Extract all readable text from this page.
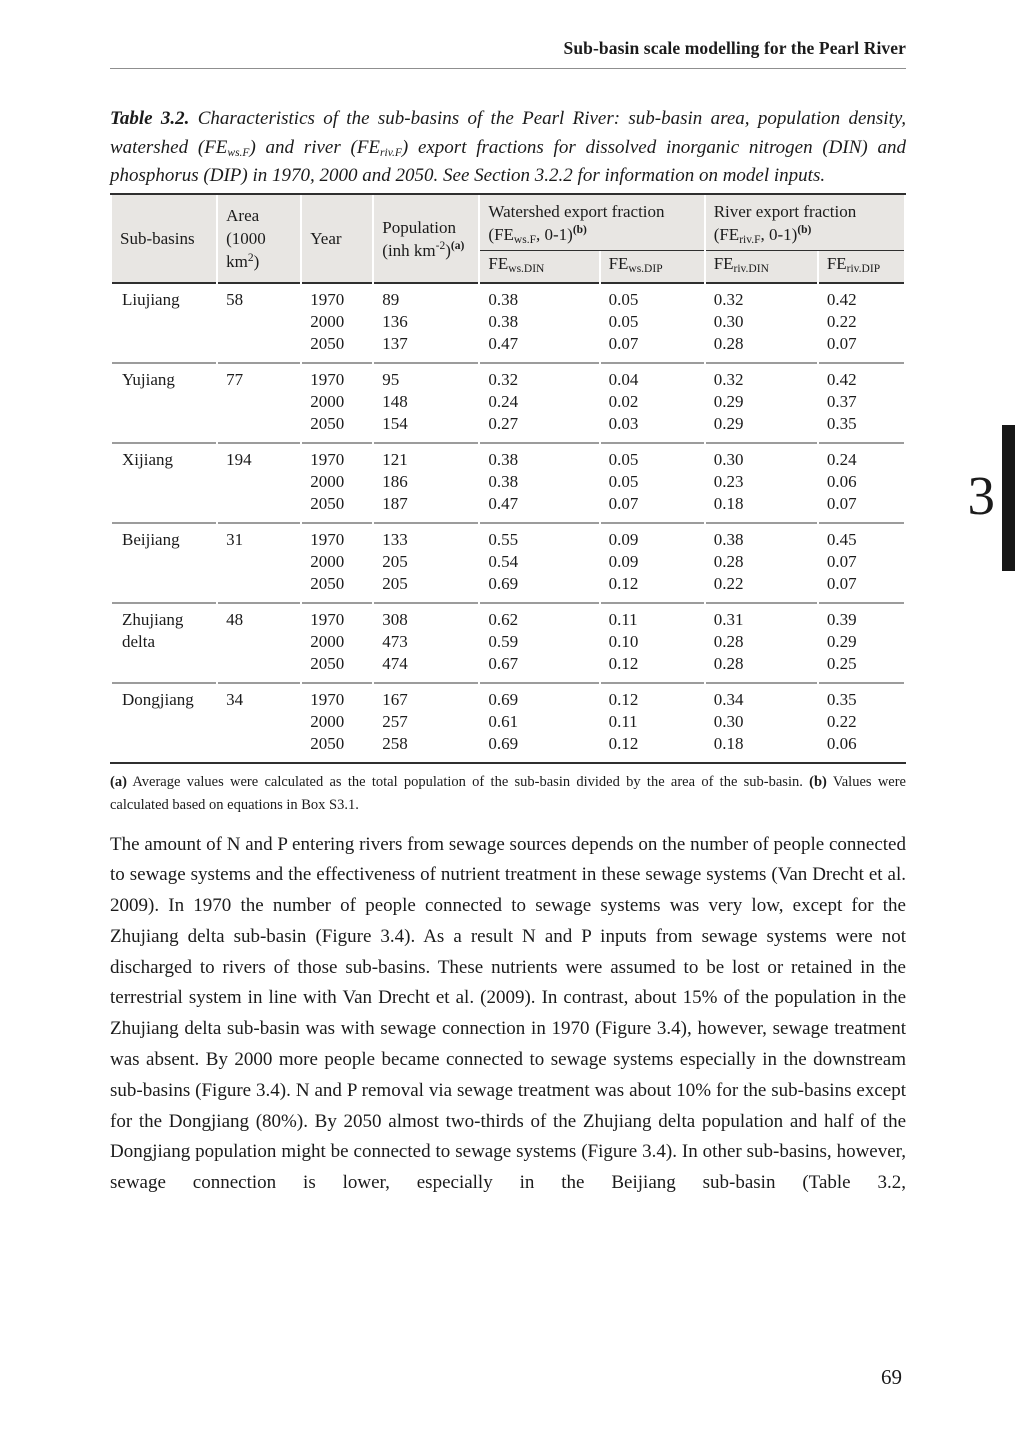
Sub-basin scale modelling for the Pearl River

Table 3.2. Characteristics of the sub-basins of the Pearl River: sub-basin area, population density, watershed $(FE_{ws.F})$ and river $(FE_{riv.F})$ export fractions for dissolved inorganic nitrogen (DIN) and phosphorus (DIP) in 1970, 2000 and 2050. See Section 3.2.2 for information on model inputs.

Sub-basins	Area (1000 $km^2$)	Year	Population (inh $km^{-2})^{(a)}$	Watershed export fraction ($FE_{ws.F}$, 0-1)$^{(b)}$		River export fraction ($FE_{riv.F}$, 0-1)$^{(b)}$
				$FE_{ws.DIN}$	$FE_{ws.DIP}$	$FE_{riv.DIN}$	$FE_{riv.DIP}$
Liujiang	58	1970	89	0.38	0.05	0.32	0.42
		2000	136	0.38	0.05	0.30	0.22
		2050	137	0.47	0.07	0.28	0.07
Yujiang	77	1970	95	0.32	0.04	0.32	0.42
		2000	148	0.24	0.02	0.29	0.37
		2050	154	0.27	0.03	0.29	0.35
Xijiang	194	1970	121	0.38	0.05	0.30	0.24
		2000	186	0.38	0.05	0.23	0.06
		2050	187	0.47	0.07	0.18	0.07
Beijiang	31	1970	133	0.55	0.09	0.38	0.45
		2000	205	0.54	0.09	0.28	0.07
		2050	205	0.69	0.12	0.22	0.07
Zhujiang delta	48	1970	308	0.62	0.11	0.31	0.39
		2000	473	0.59	0.10	0.28	0.29
		2050	474	0.67	0.12	0.28	0.25
Dongjiang	34	1970	167	0.69	0.12	0.34	0.35
		2000	257	0.61	0.11	0.30	0.22
		2050	258	0.69	0.12	0.18	0.06

(a) Average values were calculated as the total population of the sub-basin divided by the area of the sub-basin. (b) Values were calculated based on equations in Box S3.1.

The amount of N and P entering rivers from sewage sources depends on the number of people connected to sewage systems and the effectiveness of nutrient treatment in these sewage systems (Van Drecht et al. 2009). In 1970 the number of people connected to sewage systems was very low, except for the Zhujiang delta sub-basin (Figure 3.4). As a result N and P inputs from sewage systems were not discharged to rivers of those sub-basins. These nutrients were assumed to be lost or retained in the terrestrial system in line with Van Drecht et al. (2009). In contrast, about 15% of the population in the Zhujiang delta sub-basin was with sewage connection in 1970 (Figure 3.4), however, sewage treatment was absent. By 2000 more people became connected to sewage systems especially in the downstream sub-basins (Figure 3.4). N and P removal via sewage treatment was about 10% for the sub-basins except for the Dongjiang (80%). By 2050 almost two-thirds of the Zhujiang delta population and half of the Dongjiang population might be connected to sewage systems (Figure 3.4). In other sub-basins, however, sewage connection is lower, especially in the Beijiang sub-basin (Table 3.2,

3
69
